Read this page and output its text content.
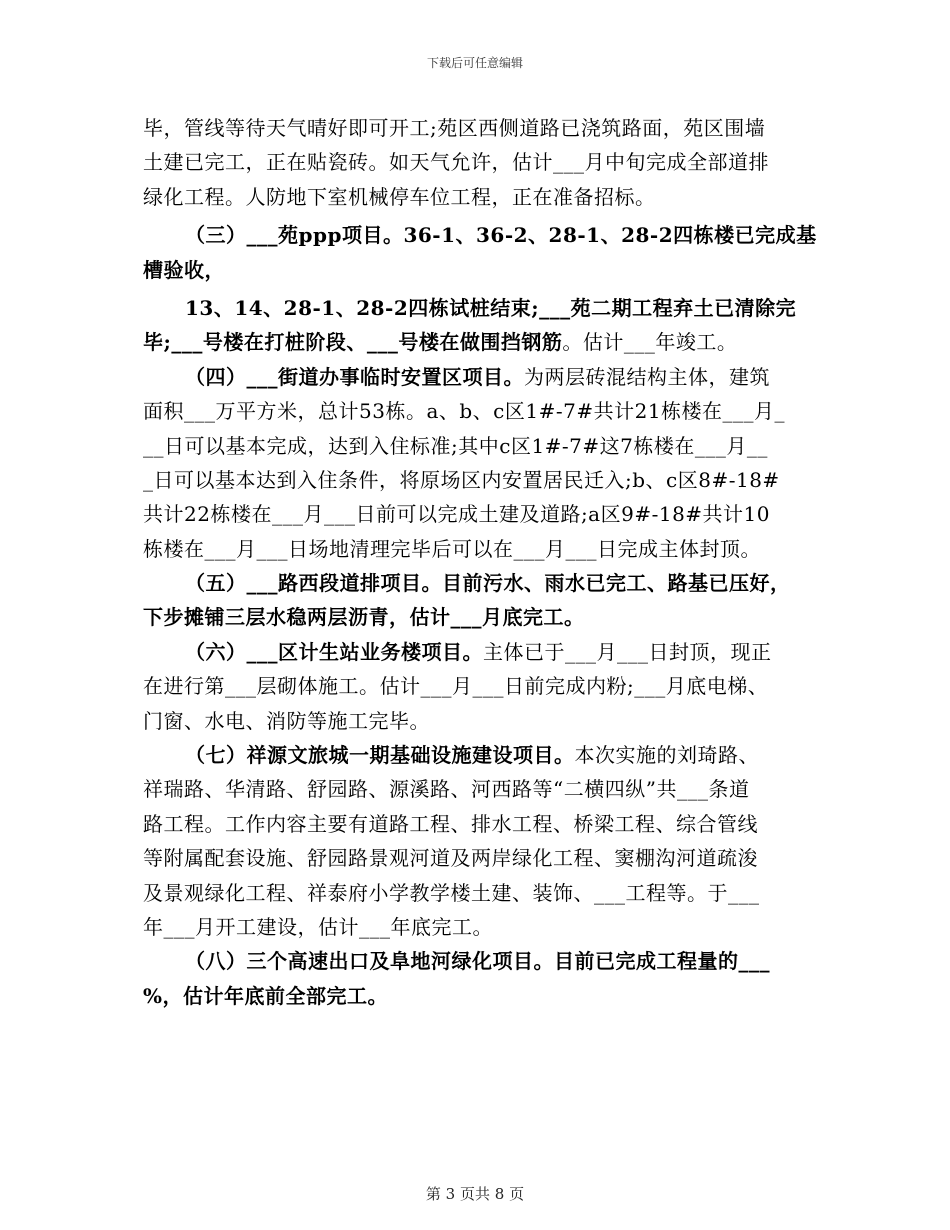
下载后可任意编辑
毕，管线等待天气晴好即可开工;苑区西侧道路已浇筑路面，苑区围墙
土建已完工，正在贴瓷砖。如天气允许，估计___月中旬完成全部道排
绿化工程。人防地下室机械停车位工程，正在准备招标。
（三）___苑ppp项目。36-1、36-2、28-1、28-2四栋楼已完成基
槽验收，
13、14、28-1、28-2四栋试桩结束;___苑二期工程弃土已清除完
毕;___号楼在打桩阶段、___号楼在做围挡钢筋。估计___年竣工。
（四）___街道办事临时安置区项目。为两层砖混结构主体，建筑
面积___万平方米，总计53栋。a、b、c区1#-7#共计21栋楼在___月_
__日可以基本完成，达到入住标准;其中c区1#-7#这7栋楼在___月__
_日可以基本达到入住条件，将原场区内安置居民迁入;b、c区8#-18#
共计22栋楼在___月___日前可以完成土建及道路;a区9#-18#共计10
栋楼在___月___日场地清理完毕后可以在___月___日完成主体封顶。
（五）___路西段道排项目。目前污水、雨水已完工、路基已压好，
下步摊铺三层水稳两层沥青，估计___月底完工。
（六）___区计生站业务楼项目。主体已于___月___日封顶，现正
在进行第___层砌体施工。估计___月___日前完成内粉;___月底电梯、
门窗、水电、消防等施工完毕。
（七）祥源文旅城一期基础设施建设项目。本次实施的刘琦路、
祥瑞路、华清路、舒园路、源溪路、河西路等“二横四纵”共___条道
路工程。工作内容主要有道路工程、排水工程、桥梁工程、综合管线
等附属配套设施、舒园路景观河道及两岸绿化工程、窦棚沟河道疏浚
及景观绿化工程、祥泰府小学教学楼土建、装饰、___工程等。于___
年___月开工建设，估计___年底完工。
（八）三个高速出口及阜地河绿化项目。目前已完成工程量的___
%，估计年底前全部完工。
第 3 页共 8 页
